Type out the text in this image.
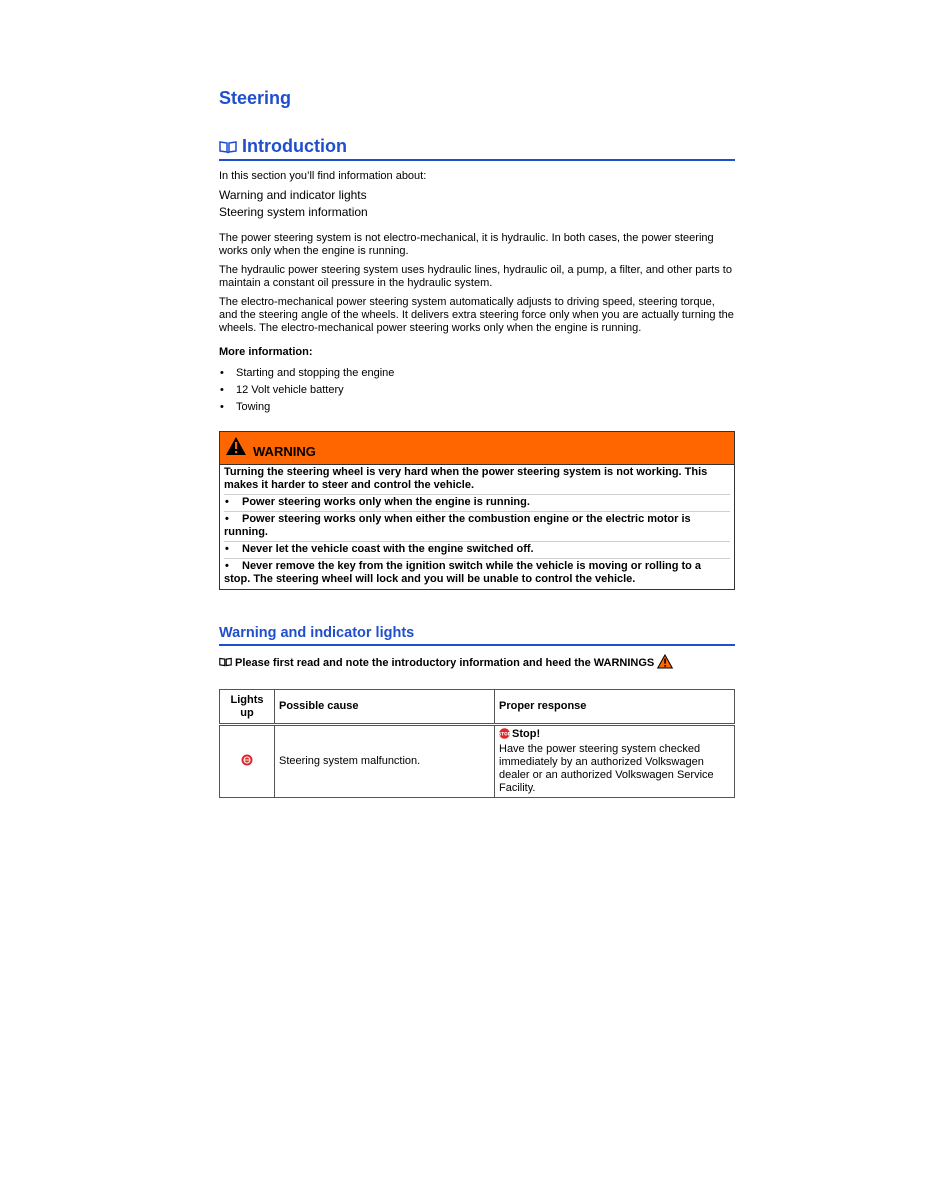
Steering
Introduction
In this section you’ll find information about:
Warning and indicator lights
Steering system information
The power steering system is not electro-mechanical, it is hydraulic. In both cases, the power steering works only when the engine is running.
The hydraulic power steering system uses hydraulic lines, hydraulic oil, a pump, a filter, and other parts to maintain a constant oil pressure in the hydraulic system.
The electro-mechanical power steering system automatically adjusts to driving speed, steering torque, and the steering angle of the wheels. It delivers extra steering force only when you are actually turning the wheels. The electro-mechanical power steering works only when the engine is running.
More information:
• Starting and stopping the engine
• 12 Volt vehicle battery
• Towing
WARNING

Turning the steering wheel is very hard when the power steering system is not working. This makes it harder to steer and control the vehicle.

• Power steering works only when the engine is running.

• Power steering works only when either the combustion engine or the electric motor is running.

• Never let the vehicle coast with the engine switched off.

• Never remove the key from the ignition switch while the vehicle is moving or rolling to a stop. The steering wheel will lock and you will be unable to control the vehicle.

Warning and indicator lights
Please first read and note the introductory information and heed the WARNINGS
Lights up	Possible cause	Proper response
	Steering system malfunction.	STOP Stop!
Have the power steering system checked immediately by an authorized Volkswagen dealer or an authorized Volkswagen Service Facility.
